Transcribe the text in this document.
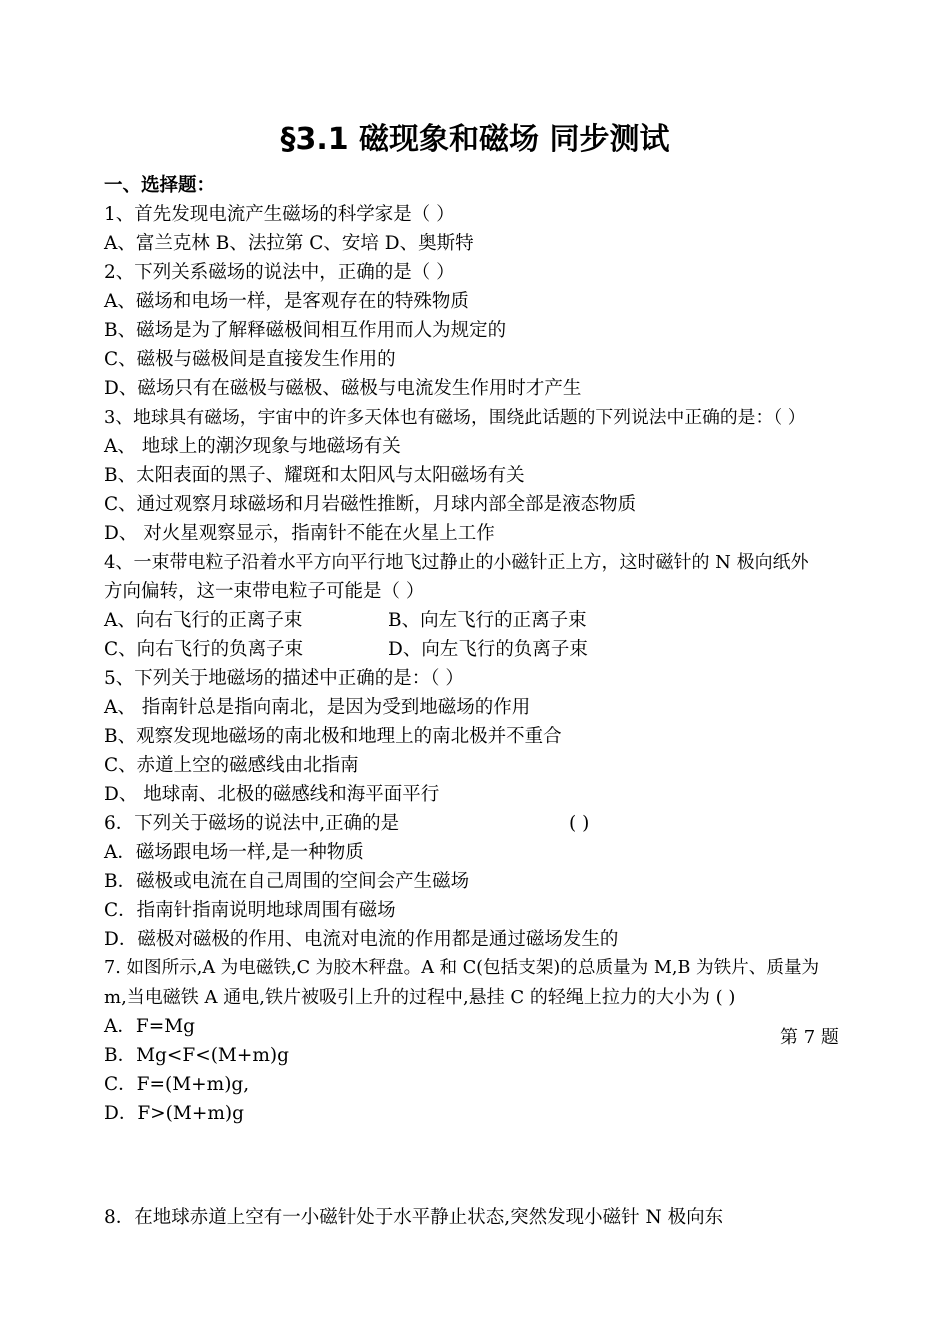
§3.1 磁现象和磁场 同步测试

一、选择题：

1、首先发现电流产生磁场的科学家是（ ）

A、富兰克林 B、法拉第 C、安培 D、奥斯特

2、下列关系磁场的说法中，正确的是（ ）

A、磁场和电场一样，是客观存在的特殊物质

B、磁场是为了解释磁极间相互作用而人为规定的

C、磁极与磁极间是直接发生作用的

D、磁场只有在磁极与磁极、磁极与电流发生作用时才产生

3、地球具有磁场，宇宙中的许多天体也有磁场，围绕此话题的下列说法中正确的是：（ ）

A、 地球上的潮汐现象与地磁场有关

B、太阳表面的黑子、耀斑和太阳风与太阳磁场有关

C、通过观察月球磁场和月岩磁性推断，月球内部全部是液态物质

D、 对火星观察显示，指南针不能在火星上工作

4、一束带电粒子沿着水平方向平行地飞过静止的小磁针正上方，这时磁针的 N 极向纸外

方向偏转，这一束带电粒子可能是（ ）

A、向右飞行的正离子束	B、向左飞行的正离子束

C、向右飞行的负离子束	D、向左飞行的负离子束

5、下列关于地磁场的描述中正确的是：（ ）

A、 指南针总是指向南北，是因为受到地磁场的作用

B、观察发现地磁场的南北极和地理上的南北极并不重合

C、赤道上空的磁感线由北指南

D、 地球南、北极的磁感线和海平面平行

6．下列关于磁场的说法中,正确的是	( )

A．磁场跟电场一样,是一种物质

B．磁极或电流在自己周围的空间会产生磁场

C．指南针指南说明地球周围有磁场

D．磁极对磁极的作用、电流对电流的作用都是通过磁场发生的

7. 如图所示,A 为电磁铁,C 为胶木秤盘。A 和 C(包括支架)的总质量为 M,B 为铁片、质量为

m,当电磁铁 A 通电,铁片被吸引上升的过程中,悬挂 C 的轻绳上拉力的大小为 ( )

A．F=Mg

B．Mg<F<(M+m)g

C．F=(M+m)g,

D．F>(M+m)g

第 7 题

8．在地球赤道上空有一小磁针处于水平静止状态,突然发现小磁针 N 极向东
